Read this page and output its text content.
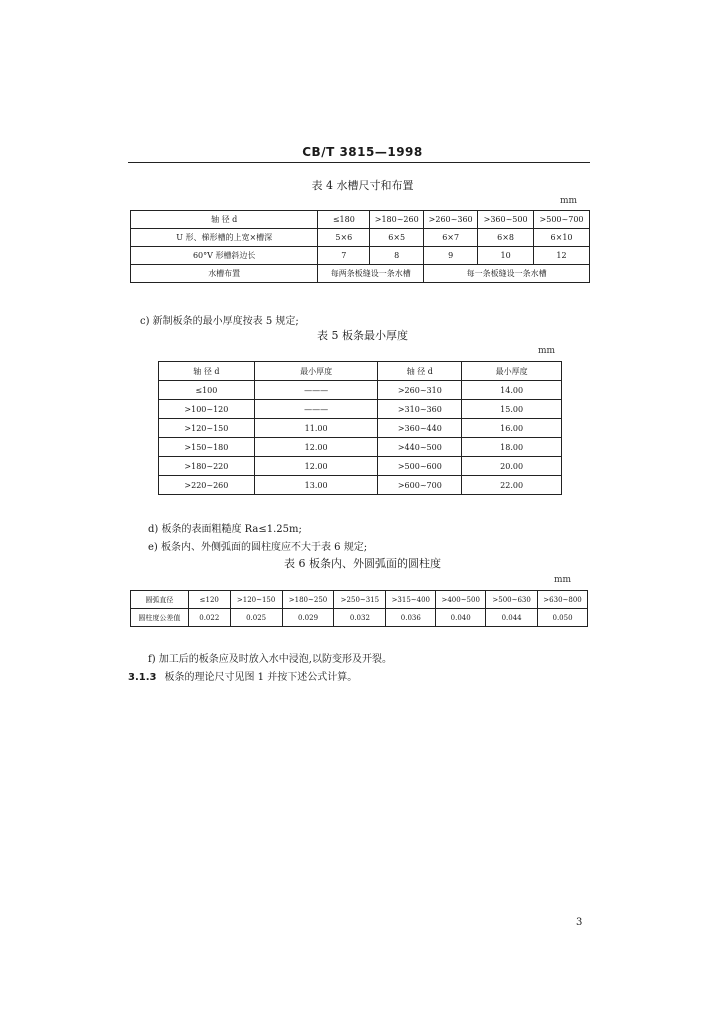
CB/T 3815—1998
表 4 水槽尺寸和布置
mm
轴 径 d	≤180	>180~260	>260~360	>360~500	>500~700
U 形、梯形槽的上宽×槽深	5×6	6×5	6×7	6×8	6×10
60°V 形槽斜边长	7	8	9	10	12
水槽布置	每两条板缝设一条水槽		每一条板缝设一条水槽		
c) 新制板条的最小厚度按表 5 规定;
表 5 板条最小厚度
mm
轴 径 d	最小厚度	轴 径 d	最小厚度
≤100	———	>260~310	14.00
>100~120	———	>310~360	15.00
>120~150	11.00	>360~440	16.00
>150~180	12.00	>440~500	18.00
>180~220	12.00	>500~600	20.00
>220~260	13.00	>600~700	22.00
d) 板条的表面粗糙度 Ra≤1.25m;
e) 板条内、外侧弧面的圆柱度应不大于表 6 规定;
表 6 板条内、外圆弧面的圆柱度
mm
圆弧直径	≤120	>120~150	>180~250	>250~315	>315~400	>400~500	>500~630	>630~800
圆柱度公差值	0.022	0.025	0.029	0.032	0.036	0.040	0.044	0.050
f) 加工后的板条应及时放入水中浸泡,以防变形及开裂。
3.1.3 板条的理论尺寸见图 1 并按下述公式计算。
3
